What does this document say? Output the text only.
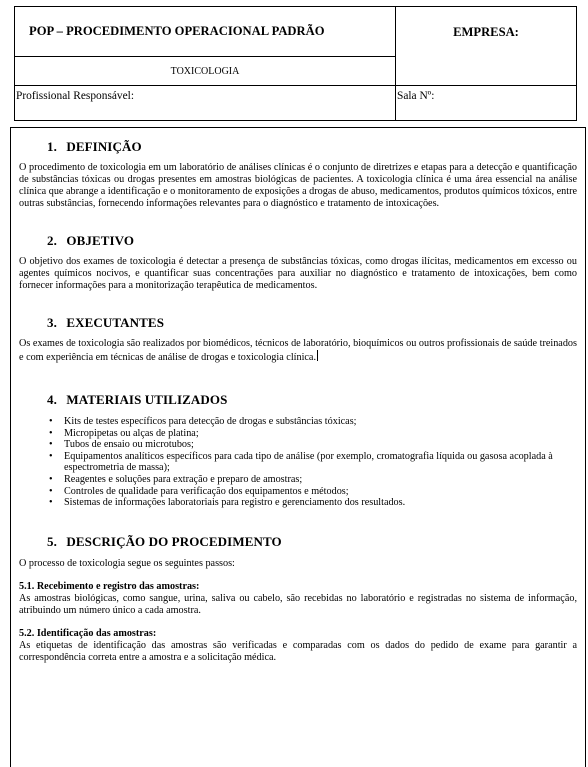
POP – PROCEDIMENTO OPERACIONAL PADRÃO	EMPRESA:
TOXICOLOGIA	
Profissional Responsável:	Sala Nº:
1. DEFINIÇÃO

O procedimento de toxicologia em um laboratório de análises clínicas é o conjunto de diretrizes e etapas para a detecção e quantificação de substâncias tóxicas ou drogas presentes em amostras biológicas de pacientes. A toxicologia clínica é uma área essencial na análise clínica que abrange a identificação e o monitoramento de exposições a drogas de abuso, medicamentos, produtos químicos tóxicos, entre outras substâncias, fornecendo informações relevantes para o diagnóstico e tratamento de intoxicações.

2. OBJETIVO

O objetivo dos exames de toxicologia é detectar a presença de substâncias tóxicas, como drogas ilícitas, medicamentos em excesso ou agentes químicos nocivos, e quantificar suas concentrações para auxiliar no diagnóstico e tratamento de intoxicações, bem como fornecer informações para a monitorização terapêutica de medicamentos.

3. EXECUTANTES

Os exames de toxicologia são realizados por biomédicos, técnicos de laboratório, bioquímicos ou outros profissionais de saúde treinados e com experiência em técnicas de análise de drogas e toxicologia clínica.

4. MATERIAIS UTILIZADOS
• Kits de testes específicos para detecção de drogas e substâncias tóxicas;
• Micropipetas ou alças de platina;
• Tubos de ensaio ou microtubos;
• Equipamentos analíticos específicos para cada tipo de análise (por exemplo, cromatografia líquida ou gasosa acoplada à espectrometria de massa);
• Reagentes e soluções para extração e preparo de amostras;
• Controles de qualidade para verificação dos equipamentos e métodos;
• Sistemas de informações laboratoriais para registro e gerenciamento dos resultados.
5. DESCRIÇÃO DO PROCEDIMENTO

O processo de toxicologia segue os seguintes passos:

5.1. Recebimento e registro das amostras:

As amostras biológicas, como sangue, urina, saliva ou cabelo, são recebidas no laboratório e registradas no sistema de informação, atribuindo um número único a cada amostra.

5.2. Identificação das amostras:

As etiquetas de identificação das amostras são verificadas e comparadas com os dados do pedido de exame para garantir a correspondência correta entre a amostra e a solicitação médica.
